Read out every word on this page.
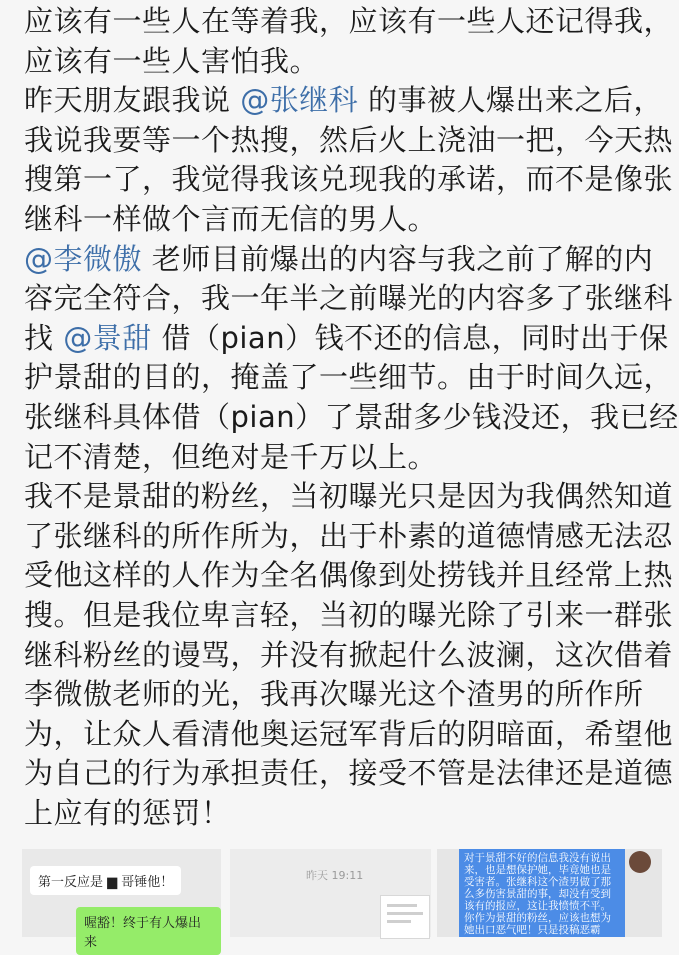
应该有一些人在等着我，应该有一些人还记得我，
应该有一些人害怕我。
昨天朋友跟我说 @张继科 的事被人爆出来之后，
我说我要等一个热搜，然后火上浇油一把，今天热
搜第一了，我觉得我该兑现我的承诺，而不是像张
继科一样做个言而无信的男人。
@李微傲 老师目前爆出的内容与我之前了解的内
容完全符合，我一年半之前曝光的内容多了张继科
找 @景甜 借（pian）钱不还的信息，同时出于保
护景甜的目的，掩盖了一些细节。由于时间久远，
张继科具体借（pian）了景甜多少钱没还，我已经
记不清楚，但绝对是千万以上。
我不是景甜的粉丝，当初曝光只是因为我偶然知道
了张继科的所作所为，出于朴素的道德情感无法忍
受他这样的人作为全名偶像到处捞钱并且经常上热
搜。但是我位卑言轻，当初的曝光除了引来一群张
继科粉丝的谩骂，并没有掀起什么波澜，这次借着
李微傲老师的光，我再次曝光这个渣男的所作所
为，让众人看清他奥运冠军背后的阴暗面，希望他
为自己的行为承担责任，接受不管是法律还是道德
上应有的惩罚！
第一反应是 ▆ 哥锤他！
喔豁！终于有人爆出来
昨天 19:11
对于景甜不好的信息我没有说出来，也是想保护她，毕竟她也是受害者。张继科这个渣男做了那么多伤害景甜的事，却没有受到该有的报应，这让我愤愤不平。你作为景甜的粉丝，应该也想为她出口恶气吧！只是投稿恶霸
